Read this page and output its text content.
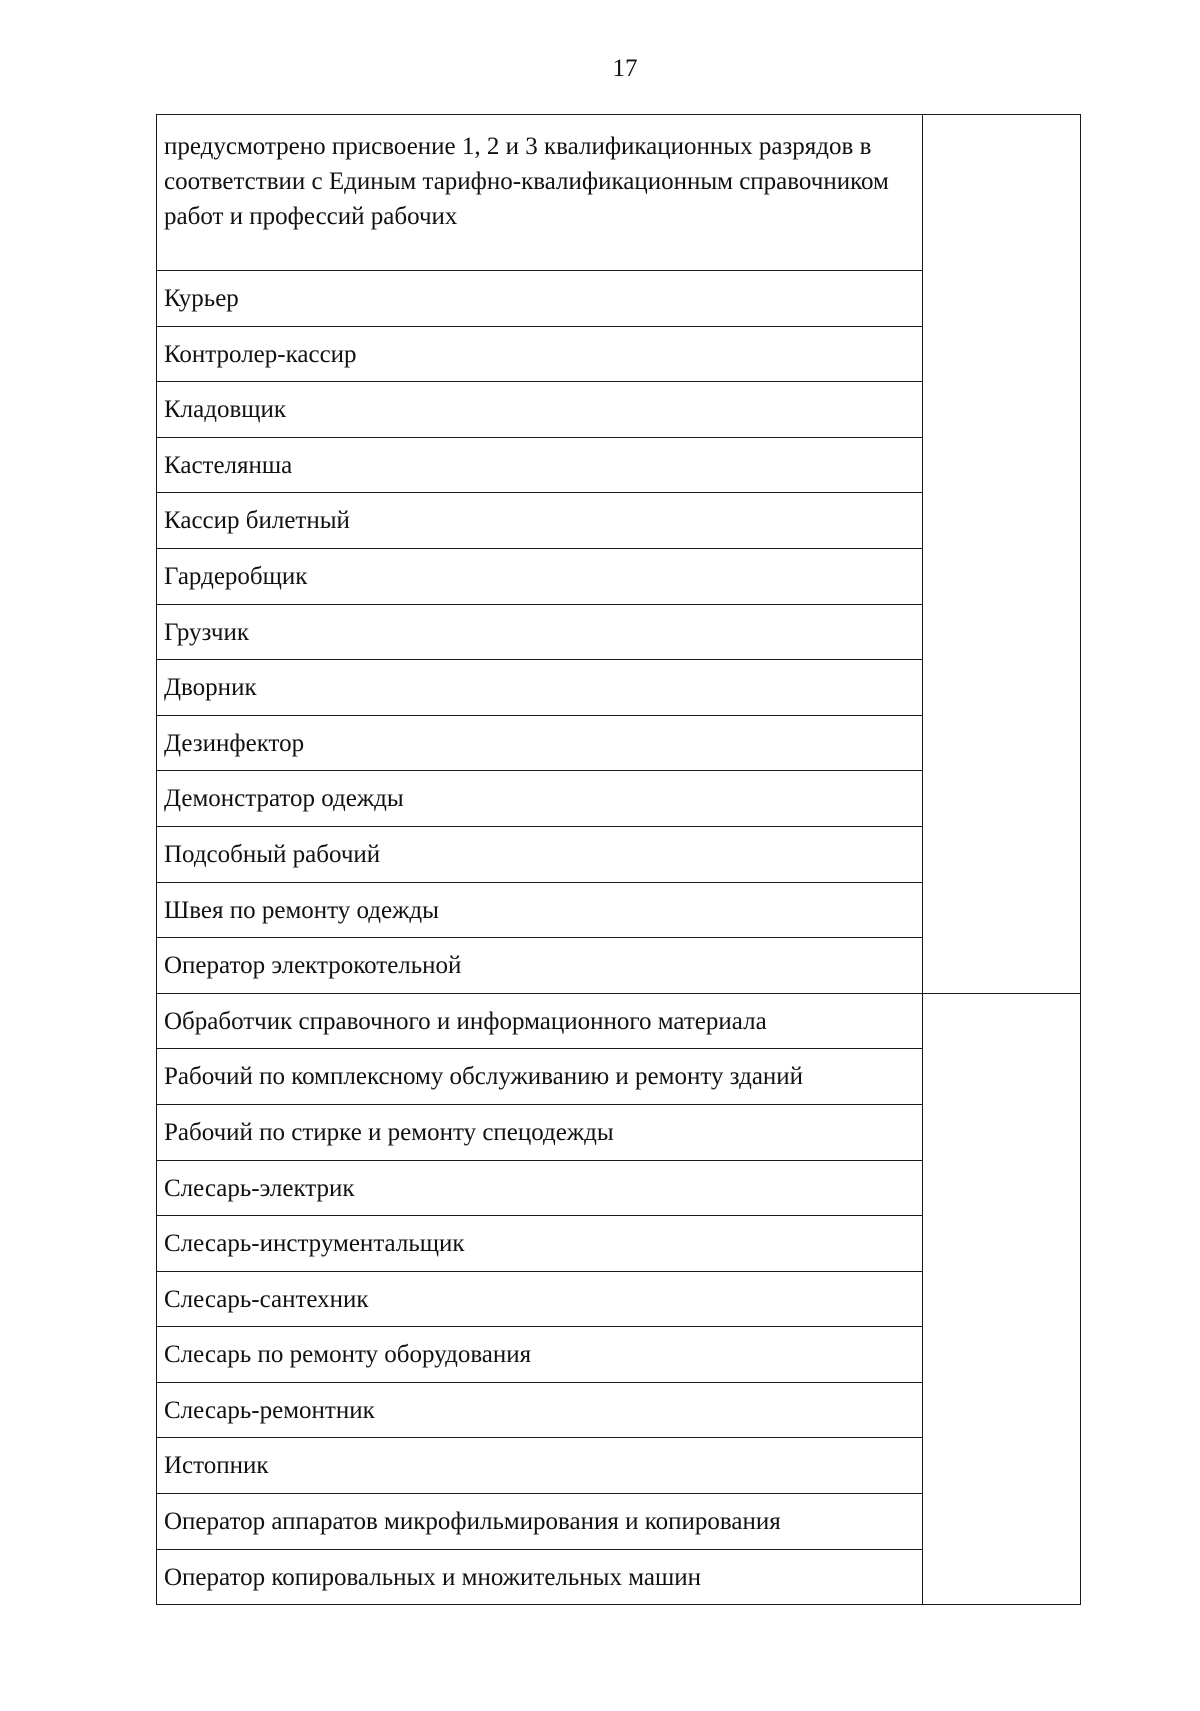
17
предусмотрено присвоение 1, 2 и 3 квалификационных разрядов в соответствии с Единым тарифно-квалификационным справочником работ и профессий рабочих	
Курьер	
Контролер-кассир	
Кладовщик	
Кастелянша	
Кассир билетный	
Гардеробщик	
Грузчик	
Дворник	
Дезинфектор	
Демонстратор одежды	
Подсобный рабочий	
Швея по ремонту одежды	
Оператор электрокотельной	
Обработчик справочного и информационного материала	
Рабочий по комплексному обслуживанию и ремонту зданий	
Рабочий по стирке и ремонту спецодежды	
Слесарь-электрик	
Слесарь-инструментальщик	
Слесарь-сантехник	
Слесарь по ремонту оборудования	
Слесарь-ремонтник	
Истопник	
Оператор аппаратов микрофильмирования и копирования	
Оператор копировальных и множительных машин	
